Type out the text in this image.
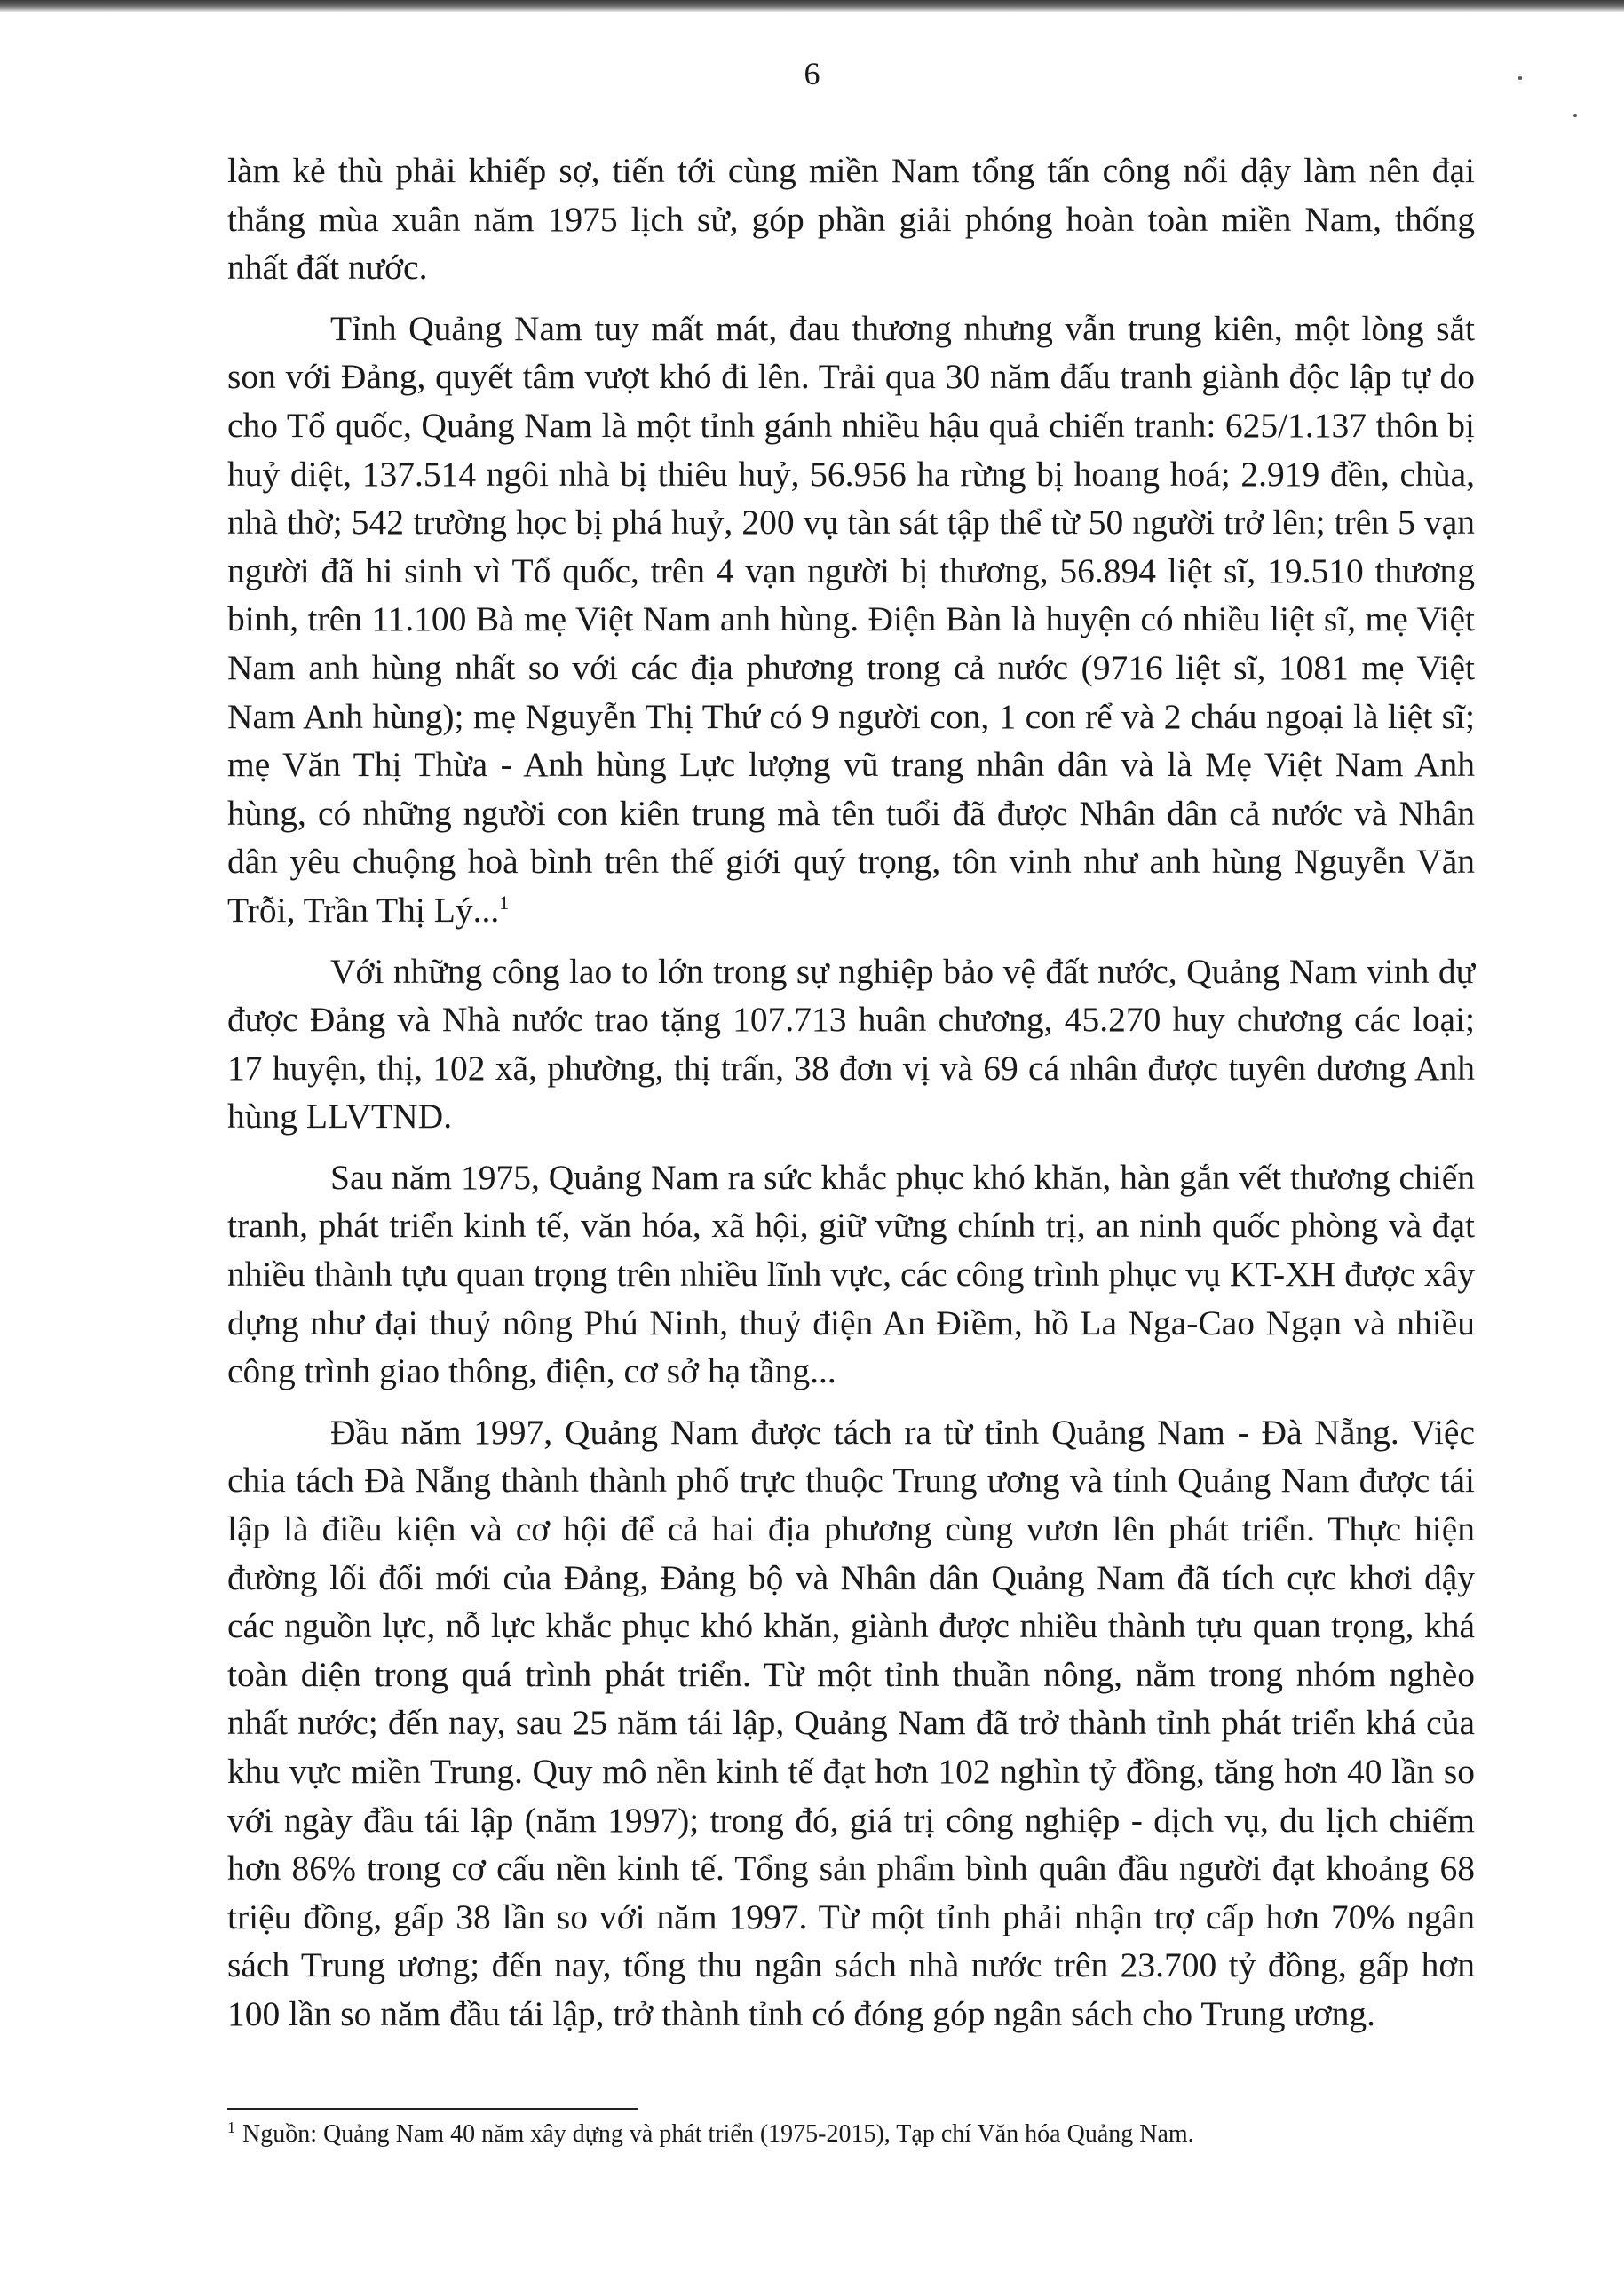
6

làm kẻ thù phải khiếp sợ, tiến tới cùng miền Nam tổng tấn công nổi dậy làm nên đại thắng mùa xuân năm 1975 lịch sử, góp phần giải phóng hoàn toàn miền Nam, thống nhất đất nước.

Tỉnh Quảng Nam tuy mất mát, đau thương nhưng vẫn trung kiên, một lòng sắt son với Đảng, quyết tâm vượt khó đi lên. Trải qua 30 năm đấu tranh giành độc lập tự do cho Tổ quốc, Quảng Nam là một tỉnh gánh nhiều hậu quả chiến tranh: 625/1.137 thôn bị huỷ diệt, 137.514 ngôi nhà bị thiêu huỷ, 56.956 ha rừng bị hoang hoá; 2.919 đền, chùa, nhà thờ; 542 trường học bị phá huỷ, 200 vụ tàn sát tập thể từ 50 người trở lên; trên 5 vạn người đã hi sinh vì Tổ quốc, trên 4 vạn người bị thương, 56.894 liệt sĩ, 19.510 thương binh, trên 11.100 Bà mẹ Việt Nam anh hùng. Điện Bàn là huyện có nhiều liệt sĩ, mẹ Việt Nam anh hùng nhất so với các địa phương trong cả nước (9716 liệt sĩ, 1081 mẹ Việt Nam Anh hùng); mẹ Nguyễn Thị Thứ có 9 người con, 1 con rể và 2 cháu ngoại là liệt sĩ; mẹ Văn Thị Thừa - Anh hùng Lực lượng vũ trang nhân dân và là Mẹ Việt Nam Anh hùng, có những người con kiên trung mà tên tuổi đã được Nhân dân cả nước và Nhân dân yêu chuộng hoà bình trên thế giới quý trọng, tôn vinh như anh hùng Nguyễn Văn Trỗi, Trần Thị Lý...$^1$

Với những công lao to lớn trong sự nghiệp bảo vệ đất nước, Quảng Nam vinh dự được Đảng và Nhà nước trao tặng 107.713 huân chương, 45.270 huy chương các loại; 17 huyện, thị, 102 xã, phường, thị trấn, 38 đơn vị và 69 cá nhân được tuyên dương Anh hùng LLVTND.

Sau năm 1975, Quảng Nam ra sức khắc phục khó khăn, hàn gắn vết thương chiến tranh, phát triển kinh tế, văn hóa, xã hội, giữ vững chính trị, an ninh quốc phòng và đạt nhiều thành tựu quan trọng trên nhiều lĩnh vực, các công trình phục vụ KT-XH được xây dựng như đại thuỷ nông Phú Ninh, thuỷ điện An Điềm, hồ La Nga-Cao Ngạn và nhiều công trình giao thông, điện, cơ sở hạ tầng...

Đầu năm 1997, Quảng Nam được tách ra từ tỉnh Quảng Nam - Đà Nẵng. Việc chia tách Đà Nẵng thành thành phố trực thuộc Trung ương và tỉnh Quảng Nam được tái lập là điều kiện và cơ hội để cả hai địa phương cùng vươn lên phát triển. Thực hiện đường lối đổi mới của Đảng, Đảng bộ và Nhân dân Quảng Nam đã tích cực khơi dậy các nguồn lực, nỗ lực khắc phục khó khăn, giành được nhiều thành tựu quan trọng, khá toàn diện trong quá trình phát triển. Từ một tỉnh thuần nông, nằm trong nhóm nghèo nhất nước; đến nay, sau 25 năm tái lập, Quảng Nam đã trở thành tỉnh phát triển khá của khu vực miền Trung. Quy mô nền kinh tế đạt hơn 102 nghìn tỷ đồng, tăng hơn 40 lần so với ngày đầu tái lập (năm 1997); trong đó, giá trị công nghiệp - dịch vụ, du lịch chiếm hơn 86% trong cơ cấu nền kinh tế. Tổng sản phẩm bình quân đầu người đạt khoảng 68 triệu đồng, gấp 38 lần so với năm 1997. Từ một tỉnh phải nhận trợ cấp hơn 70% ngân sách Trung ương; đến nay, tổng thu ngân sách nhà nước trên 23.700 tỷ đồng, gấp hơn 100 lần so năm đầu tái lập, trở thành tỉnh có đóng góp ngân sách cho Trung ương.

$^1$ Nguồn: Quảng Nam 40 năm xây dựng và phát triển (1975-2015), Tạp chí Văn hóa Quảng Nam.
